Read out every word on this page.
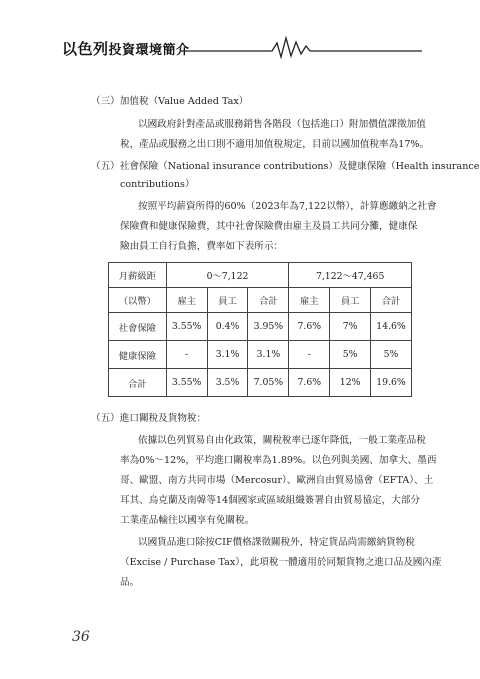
以色列投資環境簡介
（三）加值稅（Value Added Tax）
以國政府針對產品或服務銷售各階段（包括進口）附加價值課徵加值
稅，產品或服務之出口則不適用加值稅規定，目前以國加值稅率為17%。
（五）社會保險（National insurance contributions）及健康保險（Health insurance
contributions）
按照平均薪資所得的60%（2023年為7,122以幣），計算應繳納之社會
保險費和健康保險費，其中社會保險費由雇主及員工共同分攤，健康保
險由員工自行負擔，費率如下表所示：
月薪級距	0～7,122			7,122～47,465		
（以幣）	雇主	員工	合計	雇主	員工	合計
社會保險	3.55%	0.4%	3.95%	7.6%	7%	14.6%
健康保險	-	3.1%	3.1%	-	5%	5%
合計	3.55%	3.5%	7.05%	7.6%	12%	19.6%
（五）進口關稅及貨物稅：
依據以色列貿易自由化政策，關稅稅率已逐年降低，一般工業產品稅
率為0%～12%，平均進口關稅率為1.89%。以色列與美國、加拿大、墨西
哥、歐盟、南方共同市場（Mercosur）、歐洲自由貿易協會（EFTA）、土
耳其、烏克蘭及南韓等14個國家或區域組織簽署自由貿易協定，大部分
工業產品輸往以國享有免關稅。
以國貨品進口除按CIF價格課徵關稅外，特定貨品尚需繳納貨物稅
（Excise / Purchase Tax），此項稅一體適用於同類貨物之進口品及國內產
品。
36
